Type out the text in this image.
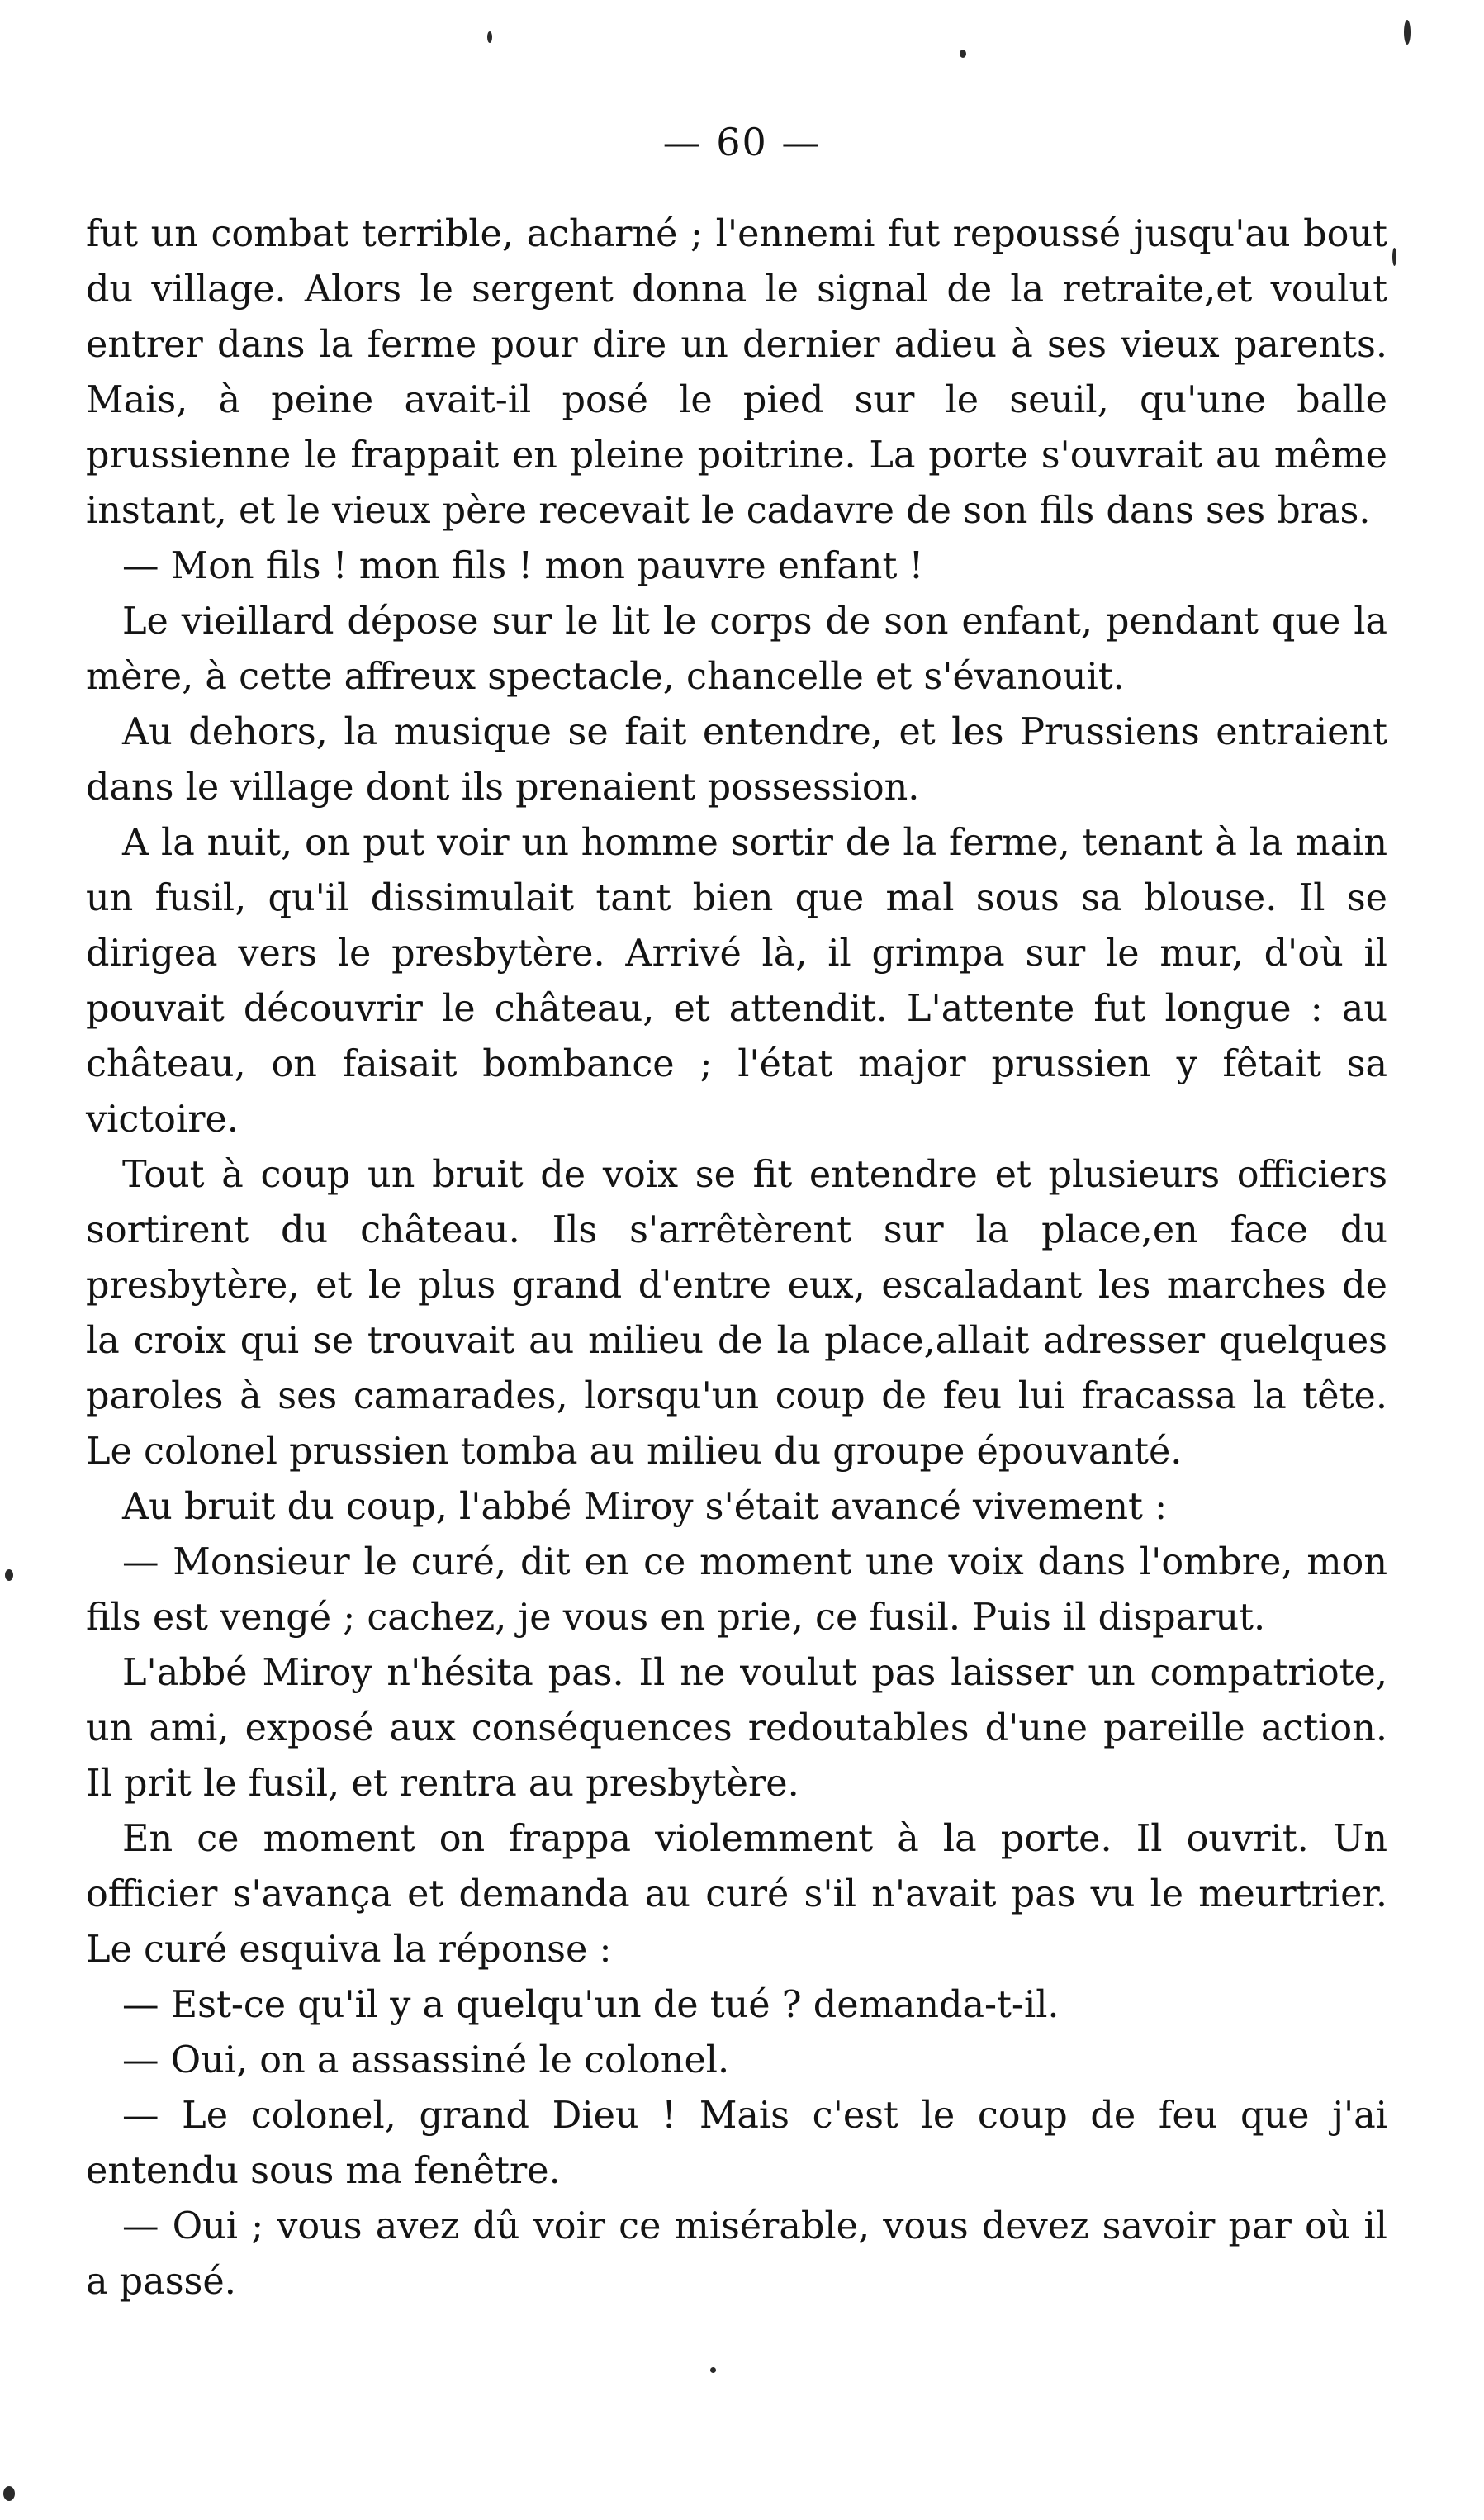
— 60 —

fut un combat terrible, acharné ; l'ennemi fut repoussé jusqu'au bout du village. Alors le sergent donna le signal de la retraite,et voulut entrer dans la ferme pour dire un dernier adieu à ses vieux parents. Mais, à peine avait-il posé le pied sur le seuil, qu'une balle prussienne le frappait en pleine poitrine. La porte s'ouvrait au même instant, et le vieux père recevait le cadavre de son fils dans ses bras.

— Mon fils ! mon fils ! mon pauvre enfant !

Le vieillard dépose sur le lit le corps de son enfant, pendant que la mère, à cette affreux spectacle, chancelle et s'évanouit.

Au dehors, la musique se fait entendre, et les Prussiens entraient dans le village dont ils prenaient possession.

A la nuit, on put voir un homme sortir de la ferme, tenant à la main un fusil, qu'il dissimulait tant bien que mal sous sa blouse. Il se dirigea vers le presbytère. Arrivé là, il grimpa sur le mur, d'où il pouvait découvrir le château, et attendit. L'attente fut longue : au château, on faisait bombance ; l'état major prussien y fêtait sa victoire.

Tout à coup un bruit de voix se fit entendre et plusieurs officiers sortirent du château. Ils s'arrêtèrent sur la place,en face du presbytère, et le plus grand d'entre eux, escaladant les marches de la croix qui se trouvait au milieu de la place,allait adresser quelques paroles à ses camarades, lorsqu'un coup de feu lui fracassa la tête. Le colonel prussien tomba au milieu du groupe épouvanté.

Au bruit du coup, l'abbé Miroy s'était avancé vivement :

— Monsieur le curé, dit en ce moment une voix dans l'ombre, mon fils est vengé ; cachez, je vous en prie, ce fusil. Puis il disparut.

L'abbé Miroy n'hésita pas. Il ne voulut pas laisser un compatriote, un ami, exposé aux conséquences redoutables d'une pareille action. Il prit le fusil, et rentra au presbytère.

En ce moment on frappa violemment à la porte. Il ouvrit. Un officier s'avança et demanda au curé s'il n'avait pas vu le meurtrier. Le curé esquiva la réponse :

— Est-ce qu'il y a quelqu'un de tué ? demanda-t-il.

— Oui, on a assassiné le colonel.

— Le colonel, grand Dieu ! Mais c'est le coup de feu que j'ai entendu sous ma fenêtre.

— Oui ; vous avez dû voir ce misérable, vous devez savoir par où il a passé.
